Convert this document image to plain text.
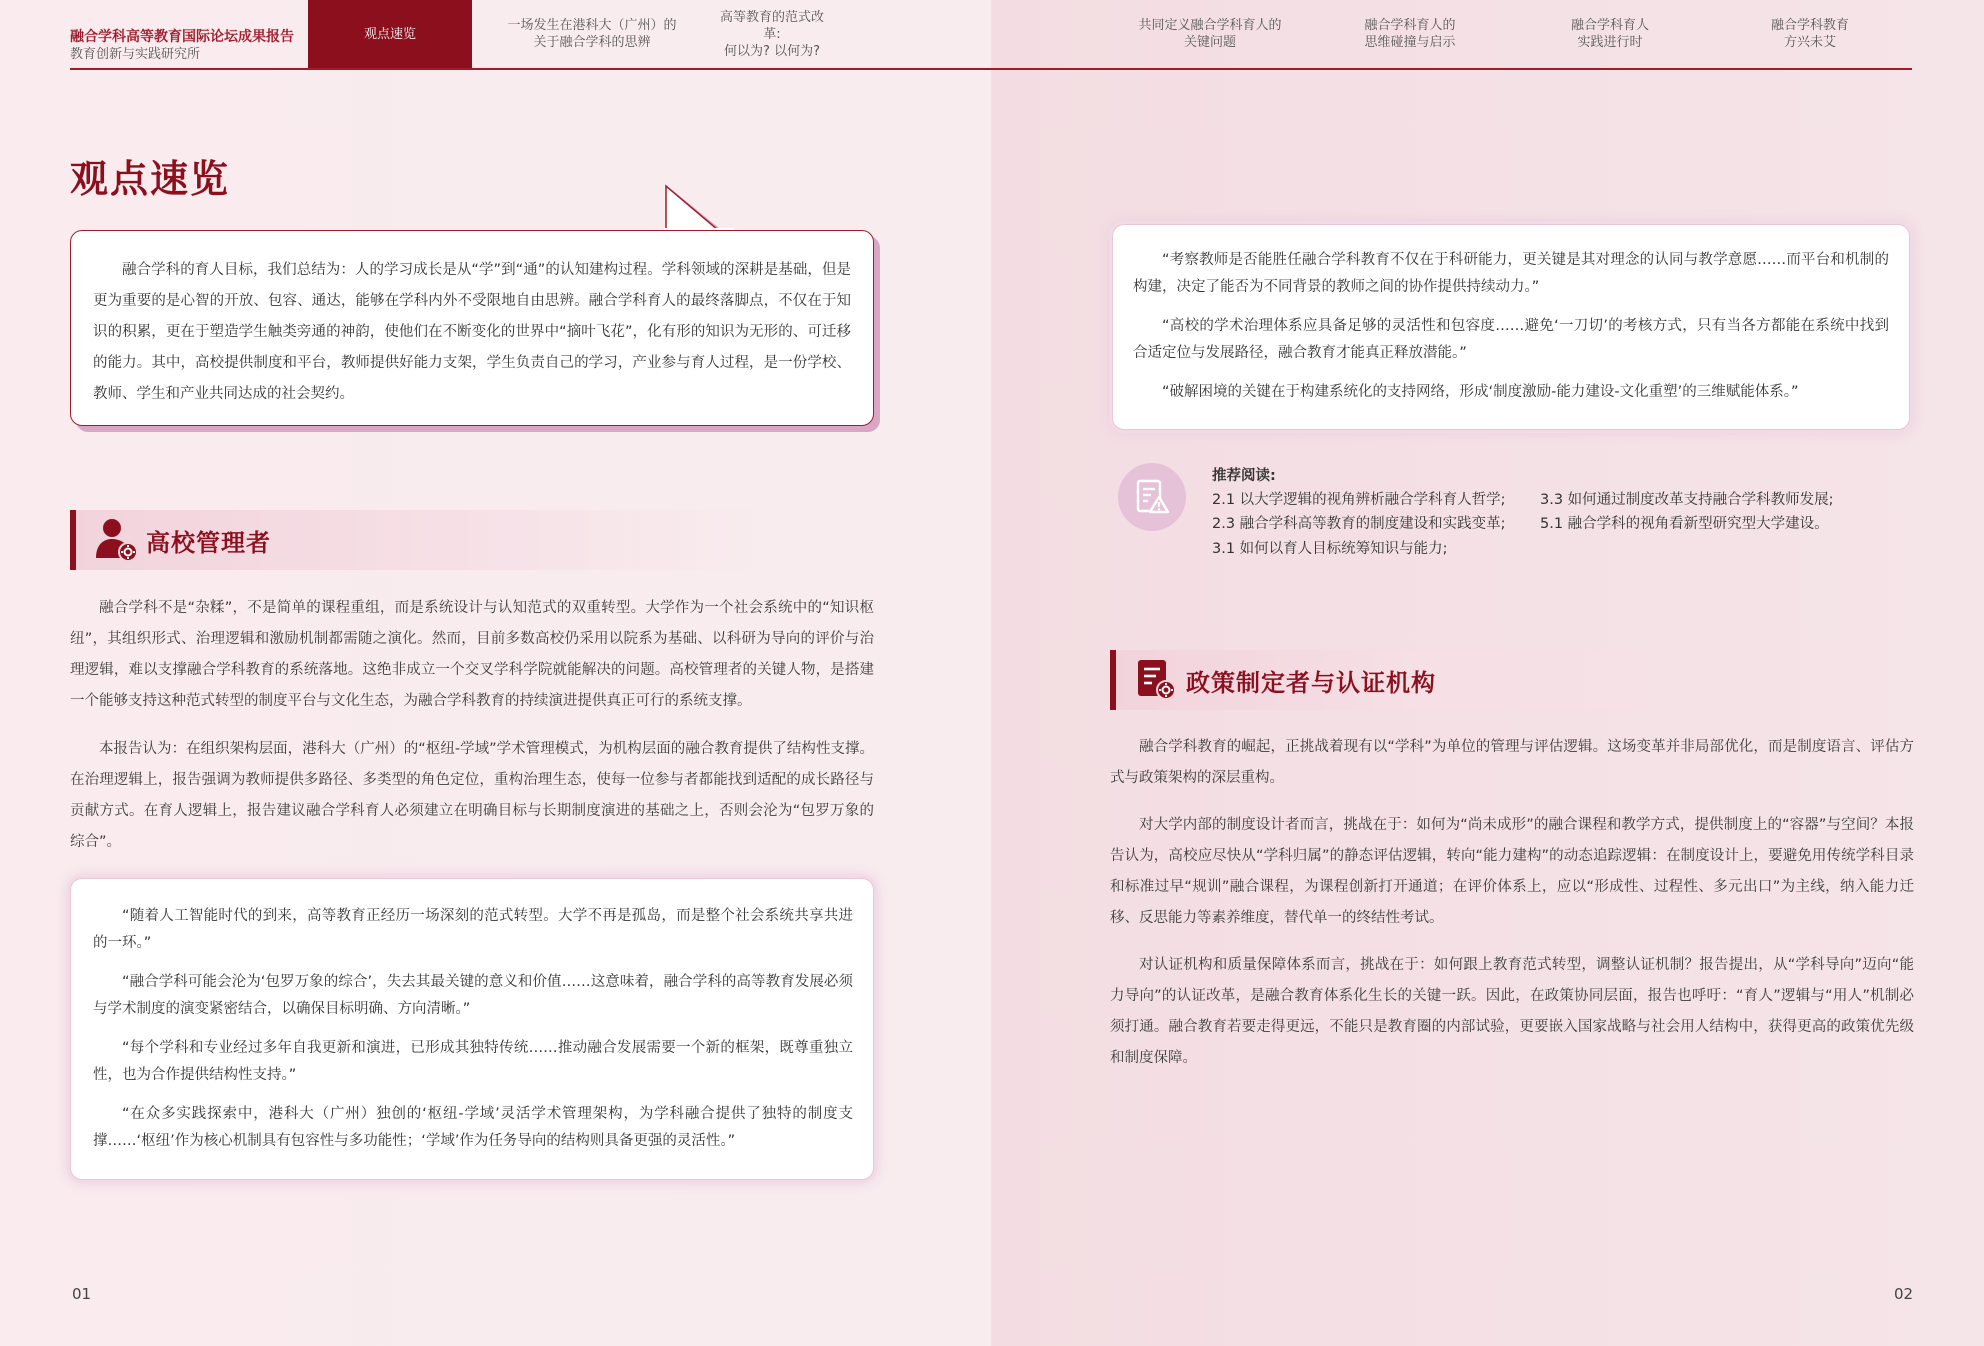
融合学科高等教育国际论坛成果报告
教育创新与实践研究所
观点速览
一场发生在港科大（广州）的
关于融合学科的思辨
高等教育的范式改革:
何以为? 以何为?
共同定义融合学科育人的
关键问题
融合学科育人的
思维碰撞与启示
融合学科育人
实践进行时
融合学科教育
方兴未艾
观点速览

融合学科的育人目标，我们总结为：人的学习成长是从“学”到“通”的认知建构过程。学科领域的深耕是基础，但是更为重要的是心智的开放、包容、通达，能够在学科内外不受限地自由思辨。融合学科育人的最终落脚点，不仅在于知识的积累，更在于塑造学生触类旁通的神韵，使他们在不断变化的世界中“摘叶飞花”，化有形的知识为无形的、可迁移的能力。其中，高校提供制度和平台，教师提供好能力支架，学生负责自己的学习，产业参与育人过程，是一份学校、教师、学生和产业共同达成的社会契约。

高校管理者

融合学科不是“杂糅”，不是简单的课程重组，而是系统设计与认知范式的双重转型。大学作为一个社会系统中的“知识枢纽”，其组织形式、治理逻辑和激励机制都需随之演化。然而，目前多数高校仍采用以院系为基础、以科研为导向的评价与治理逻辑，难以支撑融合学科教育的系统落地。这绝非成立一个交叉学科学院就能解决的问题。高校管理者的关键人物，是搭建一个能够支持这种范式转型的制度平台与文化生态，为融合学科教育的持续演进提供真正可行的系统支撑。

本报告认为：在组织架构层面，港科大（广州）的“枢纽-学域”学术管理模式，为机构层面的融合教育提供了结构性支撑。在治理逻辑上，报告强调为教师提供多路径、多类型的角色定位，重构治理生态，使每一位参与者都能找到适配的成长路径与贡献方式。在育人逻辑上，报告建议融合学科育人必须建立在明确目标与长期制度演进的基础之上，否则会沦为“包罗万象的综合”。

“随着人工智能时代的到来，高等教育正经历一场深刻的范式转型。大学不再是孤岛，而是整个社会系统共享共进的一环。”

“融合学科可能会沦为‘包罗万象的综合’，失去其最关键的意义和价值……这意味着，融合学科的高等教育发展必须与学术制度的演变紧密结合，以确保目标明确、方向清晰。”

“每个学科和专业经过多年自我更新和演进，已形成其独特传统……推动融合发展需要一个新的框架，既尊重独立性，也为合作提供结构性支持。”

“在众多实践探索中，港科大（广州）独创的‘枢纽-学域’灵活学术管理架构，为学科融合提供了独特的制度支撑……‘枢纽’作为核心机制具有包容性与多功能性；‘学域’作为任务导向的结构则具备更强的灵活性。”

01

“考察教师是否能胜任融合学科教育不仅在于科研能力，更关键是其对理念的认同与教学意愿……而平台和机制的构建，决定了能否为不同背景的教师之间的协作提供持续动力。”

“高校的学术治理体系应具备足够的灵活性和包容度……避免‘一刀切’的考核方式，只有当各方都能在系统中找到合适定位与发展路径，融合教育才能真正释放潜能。”

“破解困境的关键在于构建系统化的支持网络，形成‘制度激励-能力建设-文化重塑’的三维赋能体系。”

推荐阅读:
2.1 以大学逻辑的视角辨析融合学科育人哲学;
2.3 融合学科高等教育的制度建设和实践变革;
3.1 如何以育人目标统筹知识与能力;
3.3 如何通过制度改革支持融合学科教师发展;
5.1 融合学科的视角看新型研究型大学建设。
政策制定者与认证机构

融合学科教育的崛起，正挑战着现有以“学科”为单位的管理与评估逻辑。这场变革并非局部优化，而是制度语言、评估方式与政策架构的深层重构。

对大学内部的制度设计者而言，挑战在于：如何为“尚未成形”的融合课程和教学方式，提供制度上的“容器”与空间？本报告认为，高校应尽快从“学科归属”的静态评估逻辑，转向“能力建构”的动态追踪逻辑：在制度设计上，要避免用传统学科目录和标准过早“规训”融合课程，为课程创新打开通道；在评价体系上，应以“形成性、过程性、多元出口”为主线，纳入能力迁移、反思能力等素养维度，替代单一的终结性考试。

对认证机构和质量保障体系而言，挑战在于：如何跟上教育范式转型，调整认证机制？报告提出，从“学科导向”迈向“能力导向”的认证改革，是融合教育体系化生长的关键一跃。因此，在政策协同层面，报告也呼吁：“育人”逻辑与“用人”机制必须打通。融合教育若要走得更远，不能只是教育圈的内部试验，更要嵌入国家战略与社会用人结构中，获得更高的政策优先级和制度保障。

02
